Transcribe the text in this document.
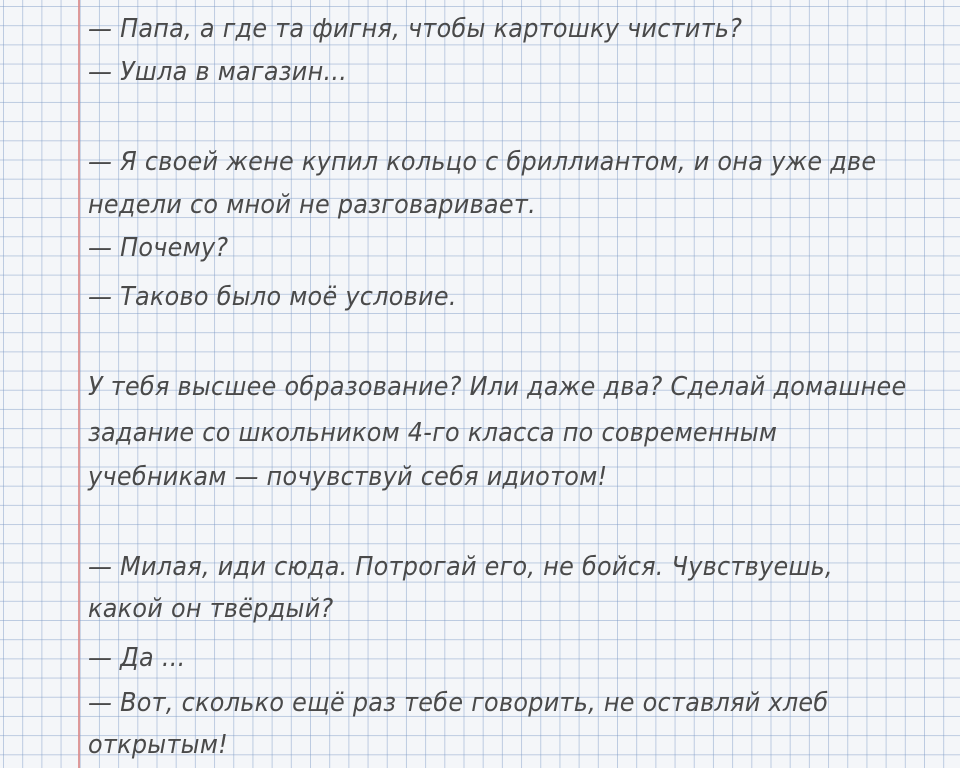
— Папа, а где та фигня, чтобы картошку чистить?
— Ушла в магазин...
— Я своей жене купил кольцо с бриллиантом, и она уже две
недели со мной не разговаривает.
— Почему?
— Таково было моё условие.
У тебя высшее образование? Или даже два? Сделай домашнее
задание со школьником 4-го класса по современным
учебникам — почувствуй себя идиотом!
— Милая, иди сюда. Потрогай его, не бойся. Чувствуешь,
какой он твёрдый?
— Да ...
— Вот, сколько ещё раз тебе говорить, не оставляй хлеб
открытым!
